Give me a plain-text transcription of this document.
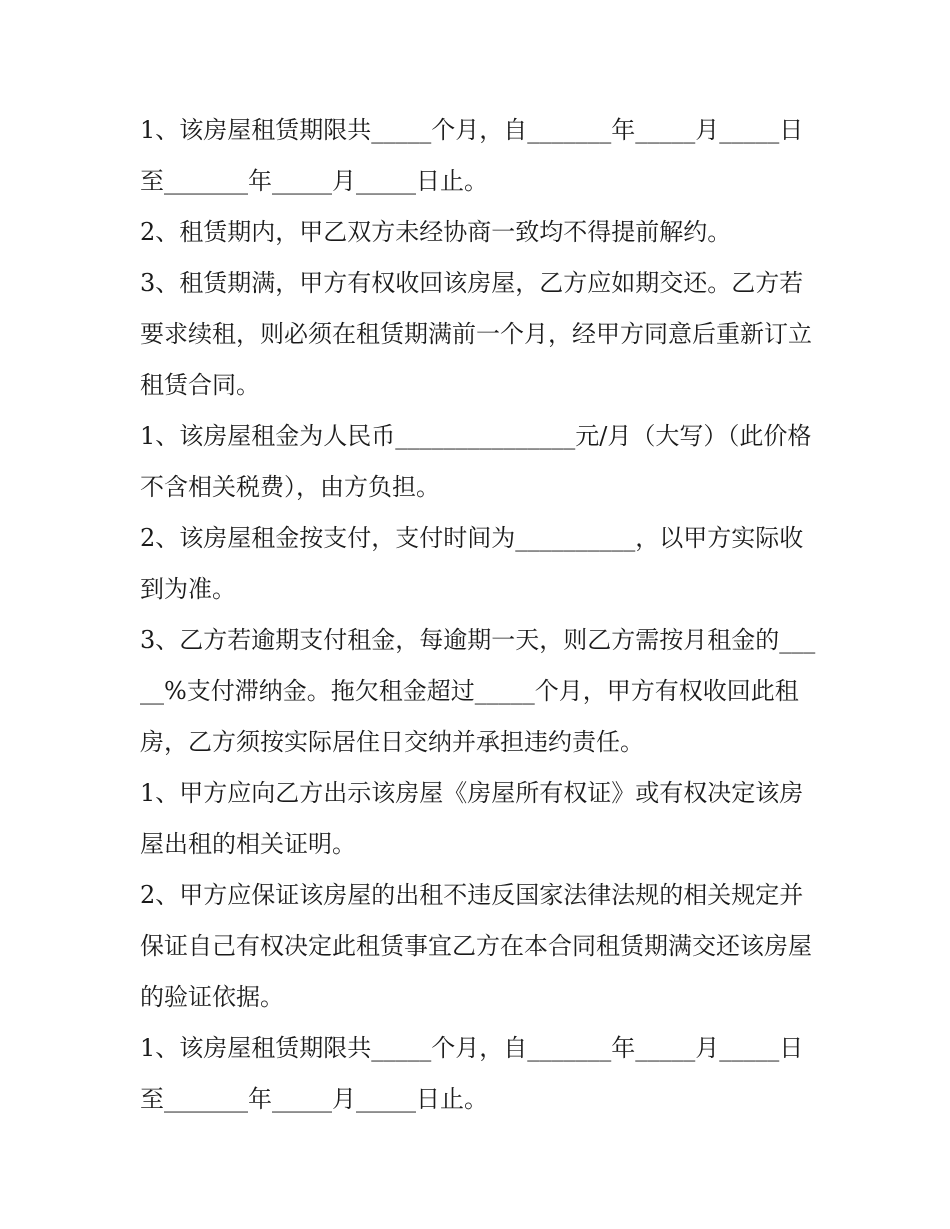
1、该房屋租赁期限共_____个月，自_______年_____月_____日至_______年_____月_____日止。

2、租赁期内，甲乙双方未经协商一致均不得提前解约。

3、租赁期满，甲方有权收回该房屋，乙方应如期交还。乙方若要求续租，则必须在租赁期满前一个月，经甲方同意后重新订立租赁合同。

1、该房屋租金为人民币_______________元/月（大写）（此价格不含相关税费），由方负担。

2、该房屋租金按支付，支付时间为__________，以甲方实际收到为准。

3、乙方若逾期支付租金，每逾期一天，则乙方需按月租金的_____%支付滞纳金。拖欠租金超过_____个月，甲方有权收回此租房，乙方须按实际居住日交纳并承担违约责任。

1、甲方应向乙方出示该房屋《房屋所有权证》或有权决定该房屋出租的相关证明。

2、甲方应保证该房屋的出租不违反国家法律法规的相关规定并保证自己有权决定此租赁事宜乙方在本合同租赁期满交还该房屋的验证依据。

1、该房屋租赁期限共_____个月，自_______年_____月_____日至_______年_____月_____日止。
